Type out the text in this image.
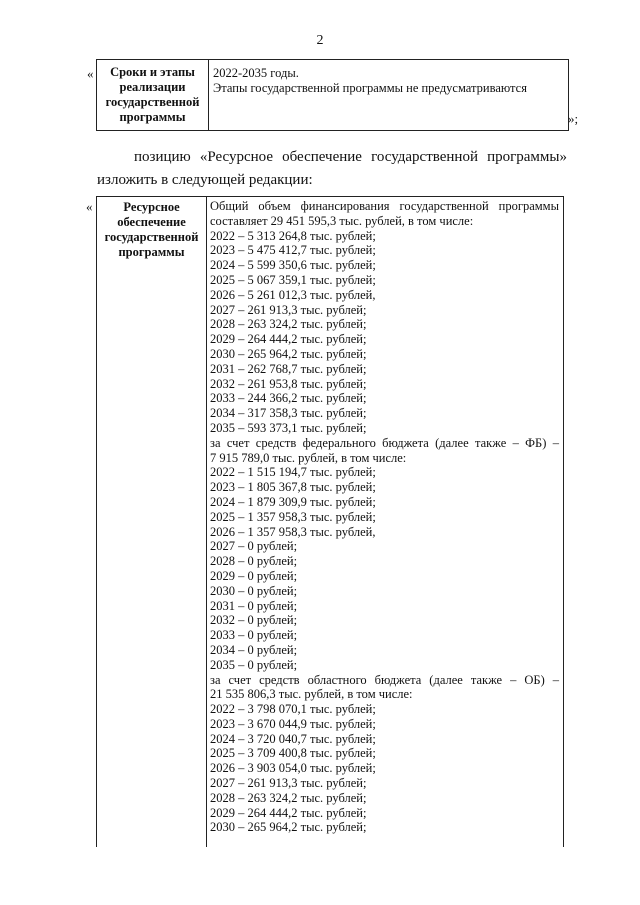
2
«	Сроки и этапы реализации государственной программы
2022-2035 годы.
Этапы государственной программы не предусматриваются
»;
позицию «Ресурсное обеспечение государственной программы»
изложить в следующей редакции:
«	Ресурсное обеспечение государственной программы
Общий объем финансирования государственной программы
составляет 29 451 595,3 тыс. рублей, в том числе:
2022 – 5 313 264,8 тыс. рублей;
2023 – 5 475 412,7 тыс. рублей;
2024 – 5 599 350,6 тыс. рублей;
2025 – 5 067 359,1 тыс. рублей;
2026 – 5 261 012,3 тыс. рублей,
2027 – 261 913,3 тыс. рублей;
2028 – 263 324,2 тыс. рублей;
2029 – 264 444,2 тыс. рублей;
2030 – 265 964,2 тыс. рублей;
2031 – 262 768,7 тыс. рублей;
2032 – 261 953,8 тыс. рублей;
2033 – 244 366,2 тыс. рублей;
2034 – 317 358,3 тыс. рублей;
2035 – 593 373,1 тыс. рублей;
за счет средств федерального бюджета (далее также – ФБ) –
7 915 789,0 тыс. рублей, в том числе:
2022 – 1 515 194,7 тыс. рублей;
2023 – 1 805 367,8 тыс. рублей;
2024 – 1 879 309,9 тыс. рублей;
2025 – 1 357 958,3 тыс. рублей;
2026 – 1 357 958,3 тыс. рублей,
2027 – 0 рублей;
2028 – 0 рублей;
2029 – 0 рублей;
2030 – 0 рублей;
2031 – 0 рублей;
2032 – 0 рублей;
2033 – 0 рублей;
2034 – 0 рублей;
2035 – 0 рублей;
за счет средств областного бюджета (далее также – ОБ) –
21 535 806,3 тыс. рублей, в том числе:
2022 – 3 798 070,1 тыс. рублей;
2023 – 3 670 044,9 тыс. рублей;
2024 – 3 720 040,7 тыс. рублей;
2025 – 3 709 400,8 тыс. рублей;
2026 – 3 903 054,0 тыс. рублей;
2027 – 261 913,3 тыс. рублей;
2028 – 263 324,2 тыс. рублей;
2029 – 264 444,2 тыс. рублей;
2030 – 265 964,2 тыс. рублей;
